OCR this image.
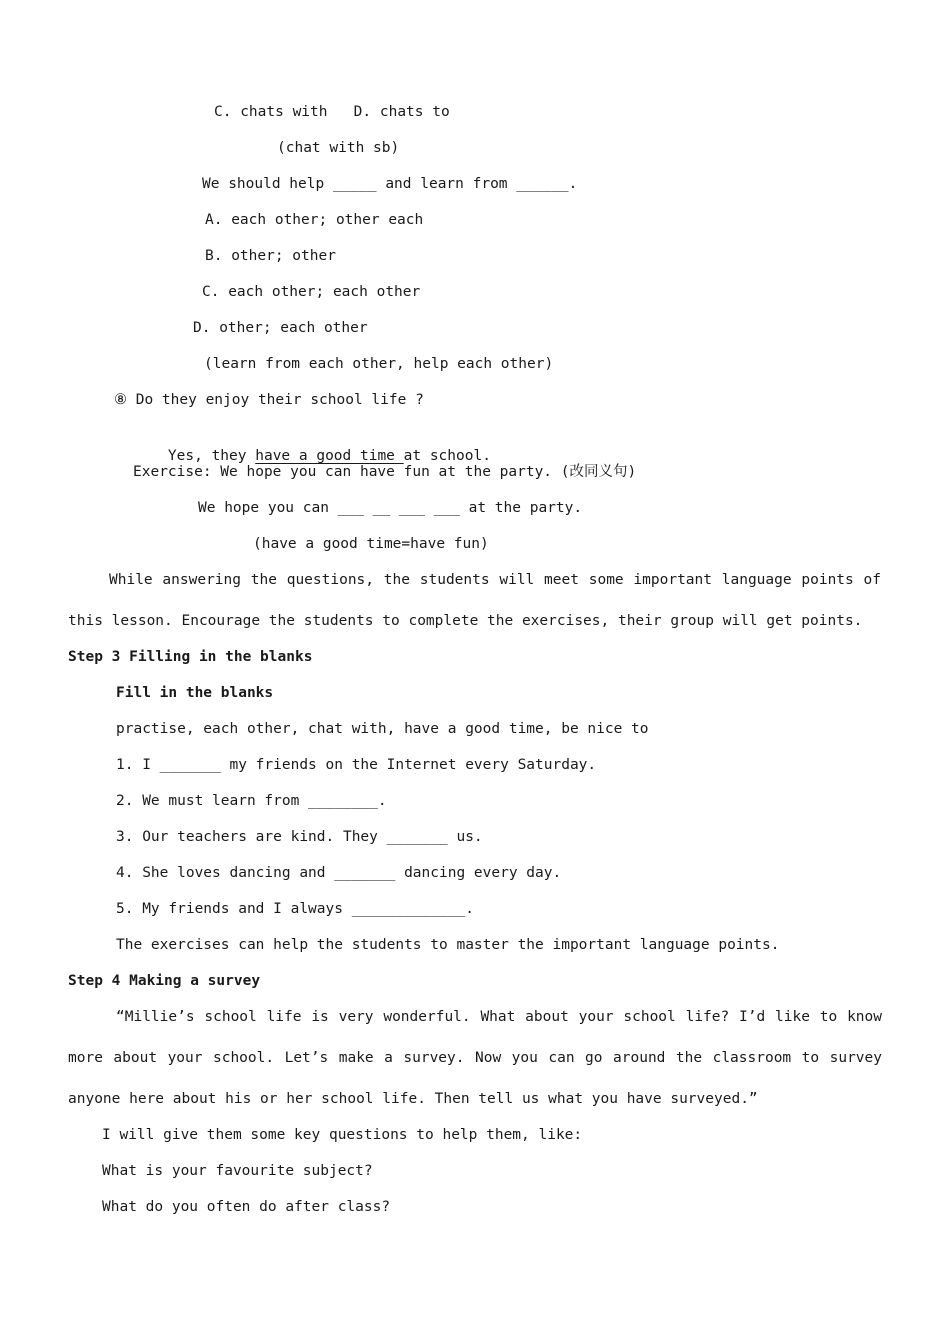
C. chats with   D. chats to
(chat with sb)
We should help _____ and learn from ______.
A. each other; other each
B. other; other
C. each other; each other
D. other; each other
(learn from each other, help each other)
⑧ Do they enjoy their school life ?

Yes, they have a good time at school.

Exercise: We hope you can have fun at the party. (改同义句)
We hope you can ___ __ ___ ___ at the party.
(have a good time=have fun)
While answering the questions, the students will meet some important language points of
this lesson. Encourage the students to complete the exercises, their group will get points.
Step 3 Filling in the blanks
Fill in the blanks
practise, each other, chat with, have a good time, be nice to
1. I _______ my friends on the Internet every Saturday.
2. We must learn from ________.
3. Our teachers are kind. They _______ us.
4. She loves dancing and _______ dancing every day.
5. My friends and I always _____________.
The exercises can help the students to master the important language points.
Step 4 Making a survey
“Millie’s school life is very wonderful. What about your school life? I’d like to know
more about your school. Let’s make a survey. Now you can go around the classroom to survey
anyone here about his or her school life. Then tell us what you have surveyed.”
I will give them some key questions to help them, like:
What is your favourite subject?
What do you often do after class?
